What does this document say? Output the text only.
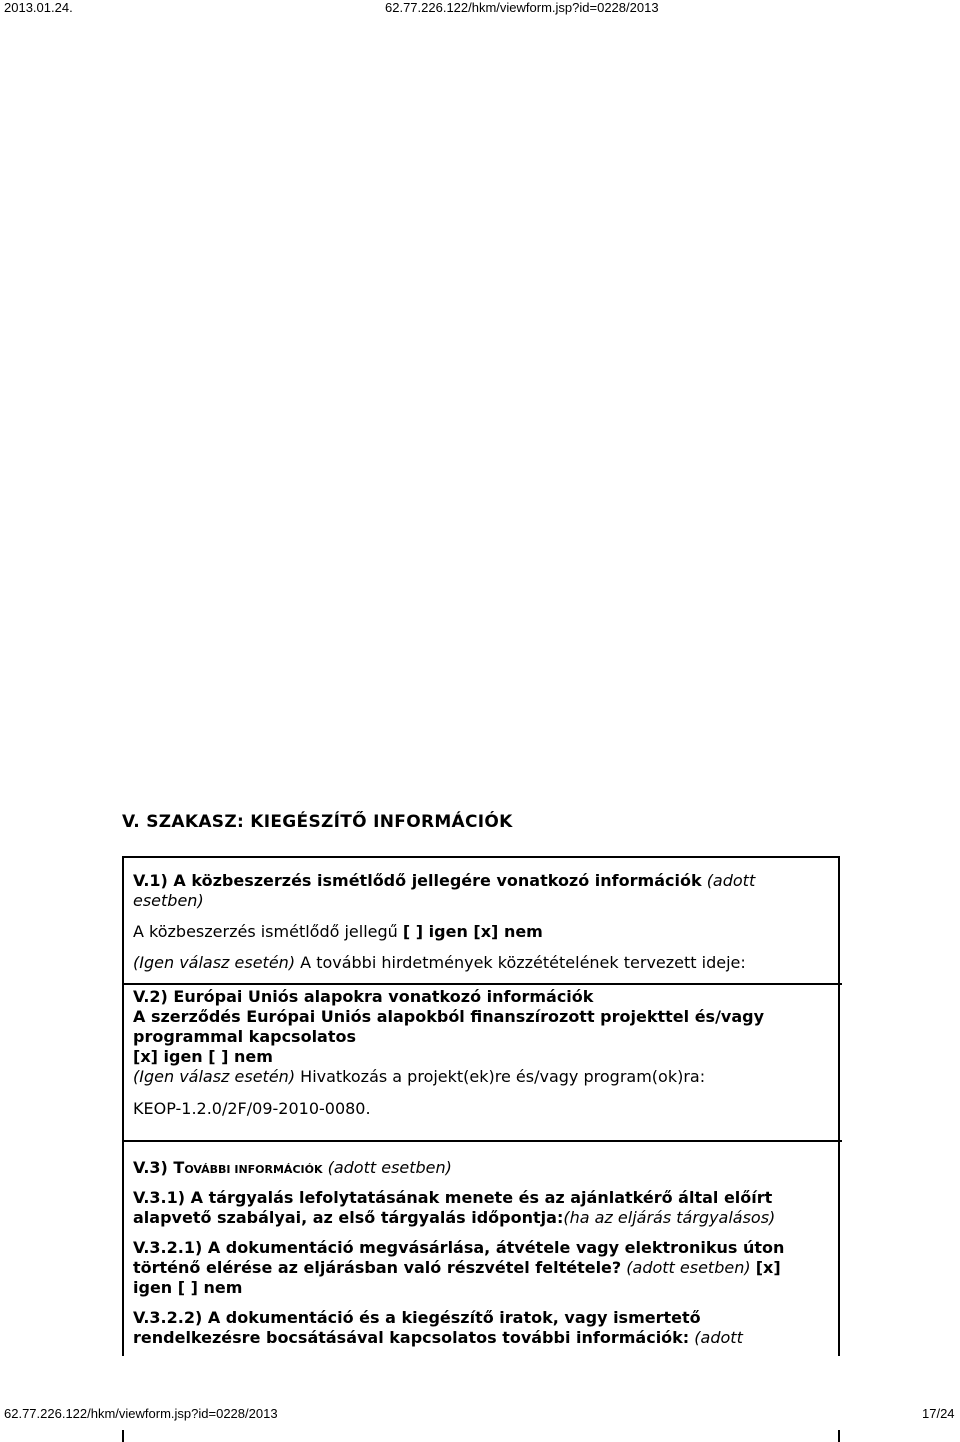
2013.01.24.	62.77.226.122/hkm/viewform.jsp?id=0228/2013
V. SZAKASZ: KIEGÉSZÍTŐ INFORMÁCIÓK
V.1) A közbeszerzés ismétlődő jellegére vonatkozó információk (adott
esetben)
A közbeszerzés ismétlődő jellegű [ ] igen [x] nem
(Igen válasz esetén) A további hirdetmények közzétételének tervezett ideje:
V.2) Európai Uniós alapokra vonatkozó információk
A szerződés Európai Uniós alapokból finanszírozott projekttel és/vagy
programmal kapcsolatos
[x] igen [ ] nem
(Igen válasz esetén) Hivatkozás a projekt(ek)re és/vagy program(ok)ra:
KEOP-1.2.0/2F/09-2010-0080.
V.3) TOVÁBBI INFORMÁCIÓK (adott esetben)
V.3.1) A tárgyalás lefolytatásának menete és az ajánlatkérő által előírt
alapvető szabályai, az első tárgyalás időpontja:(ha az eljárás tárgyalásos)
V.3.2.1) A dokumentáció megvásárlása, átvétele vagy elektronikus úton
történő elérése az eljárásban való részvétel feltétele? (adott esetben) [x]
igen [ ] nem
V.3.2.2) A dokumentáció és a kiegészítő iratok, vagy ismertető
rendelkezésre bocsátásával kapcsolatos további információk: (adott
62.77.226.122/hkm/viewform.jsp?id=0228/2013	17/24
